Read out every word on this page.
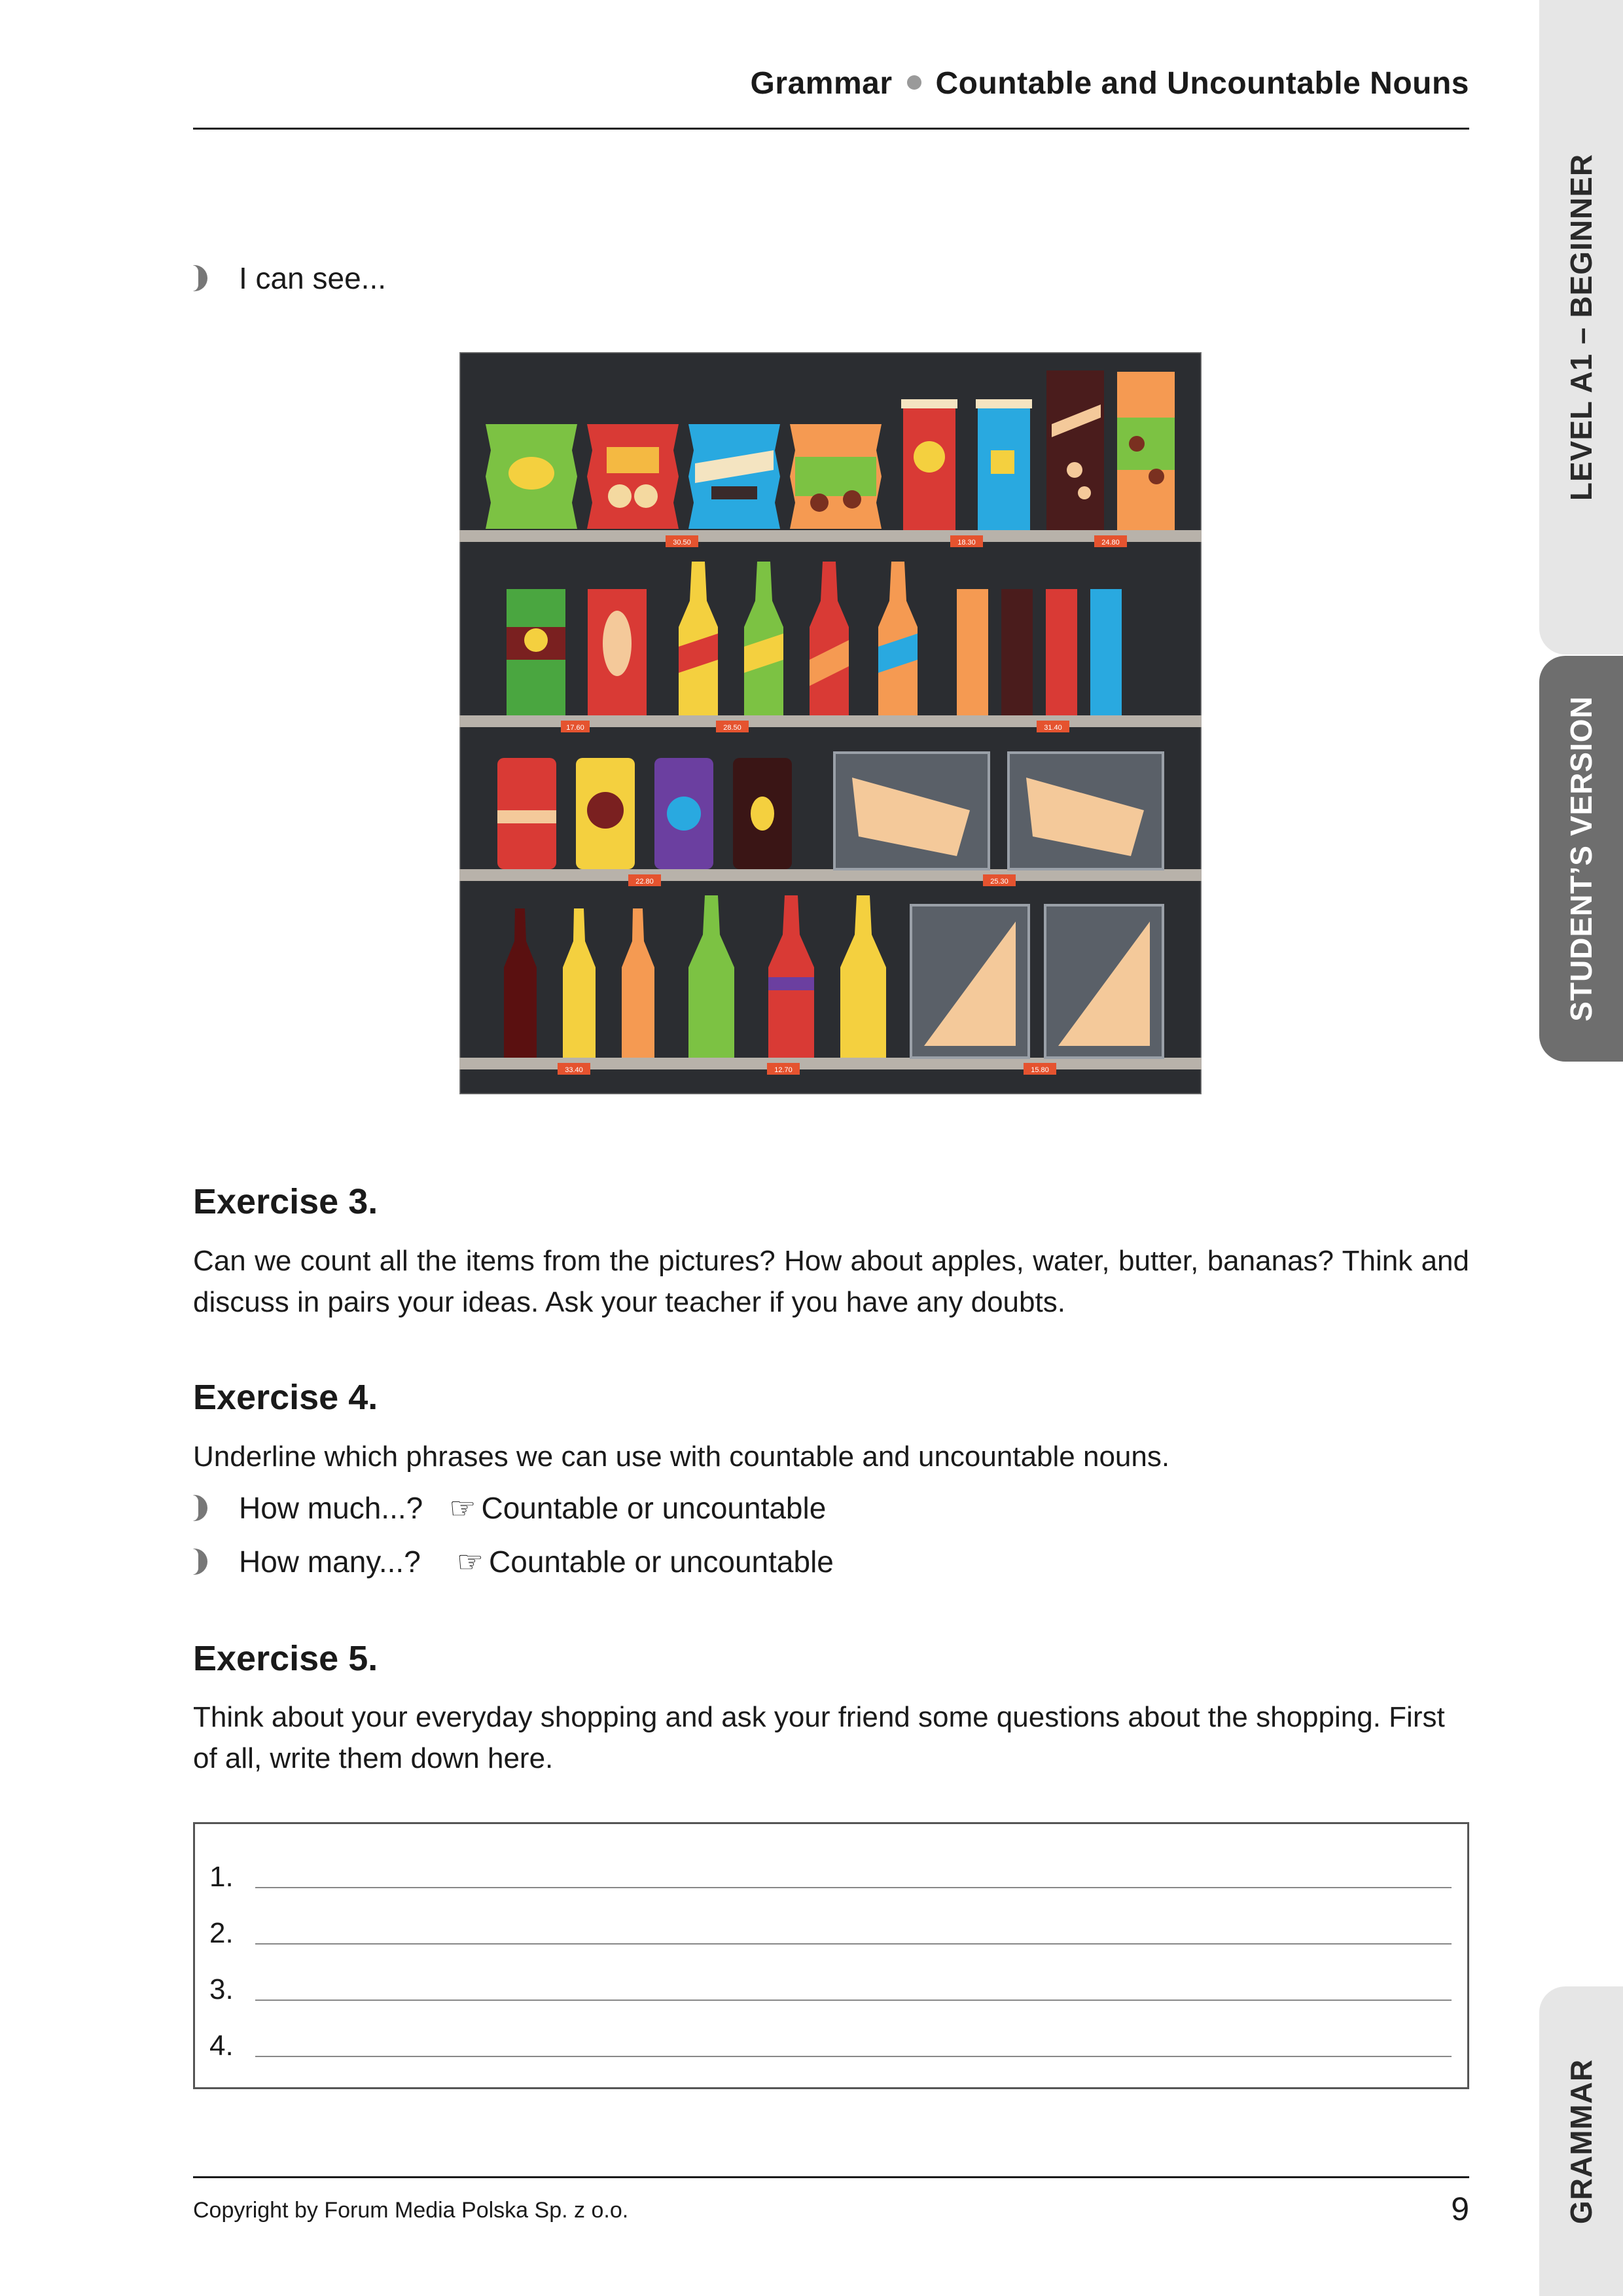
Grammar Countable and Uncountable Nouns
LEVEL A1 – BEGINNER
STUDENT’S VERSION
GRAMMAR
I can see...
30.50	18.30	24.80
17.60	28.50	31.40
22.80	25.30
33.40	12.70	15.80
Exercise 3.
Can we count all the items from the pictures? How about apples, water, butter, bananas? Think and discuss in pairs your ideas. Ask your teacher if you have any doubts.
Exercise 4.
Underline which phrases we can use with countable and uncountable nouns.
How much...? ☞ Countable or uncountable
How many...? ☞ Countable or uncountable
Exercise 5.
Think about your everyday shopping and ask your friend some questions about the shopping. First of all, write them down here.
1.
2.
3.
4.
Copyright by Forum Media Polska Sp. z o.o.	9
